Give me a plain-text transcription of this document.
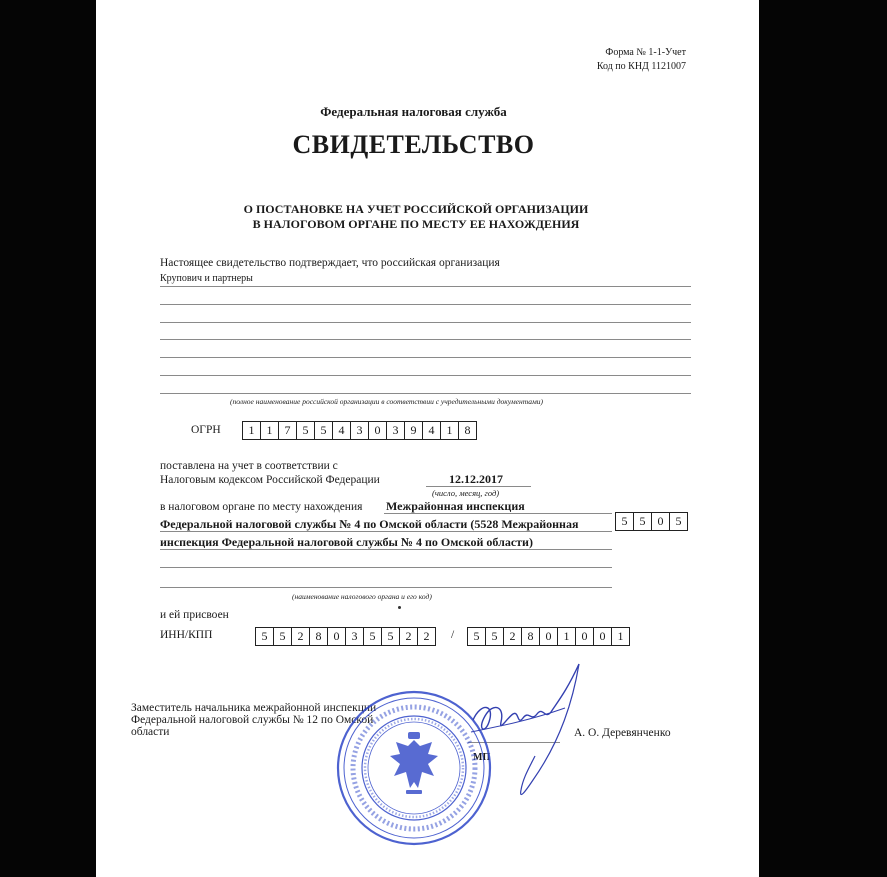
Форма № 1-1-Учет
Код по КНД 1121007
Федеральная налоговая служба
СВИДЕТЕЛЬСТВО
О ПОСТАНОВКЕ НА УЧЕТ РОССИЙСКОЙ ОРГАНИЗАЦИИ
В НАЛОГОВОМ ОРГАНЕ ПО МЕСТУ ЕЕ НАХОЖДЕНИЯ
Настоящее свидетельство подтверждает, что российская организация
Крупович и партнеры
(полное наименование российской организации в соответствии с учредительными документами)
ОГРН	1	1	7	5	5	4	3	0	3	9	4	1	8
поставлена на учет в соответствии с
Налоговым кодексом Российской Федерации	12.12.2017
(число, месяц, год)
в налоговом органе по месту нахождения Межрайонная инспекция
Федеральной налоговой службы № 4 по Омской области (5528 Межрайонная	5	5	0	5
инспекция Федеральной налоговой службы № 4 по Омской области)
(наименование налогового органа и его код)
и ей присвоен
ИНН/КПП	5	5	2	8	0	3	5	5	2	2	/	5	5	2	8	0	1	0	0	1
Заместитель начальника межрайонной инспекции
Федеральной налоговой службы № 12 по Омской
области	А. О. Деревянченко
МП
